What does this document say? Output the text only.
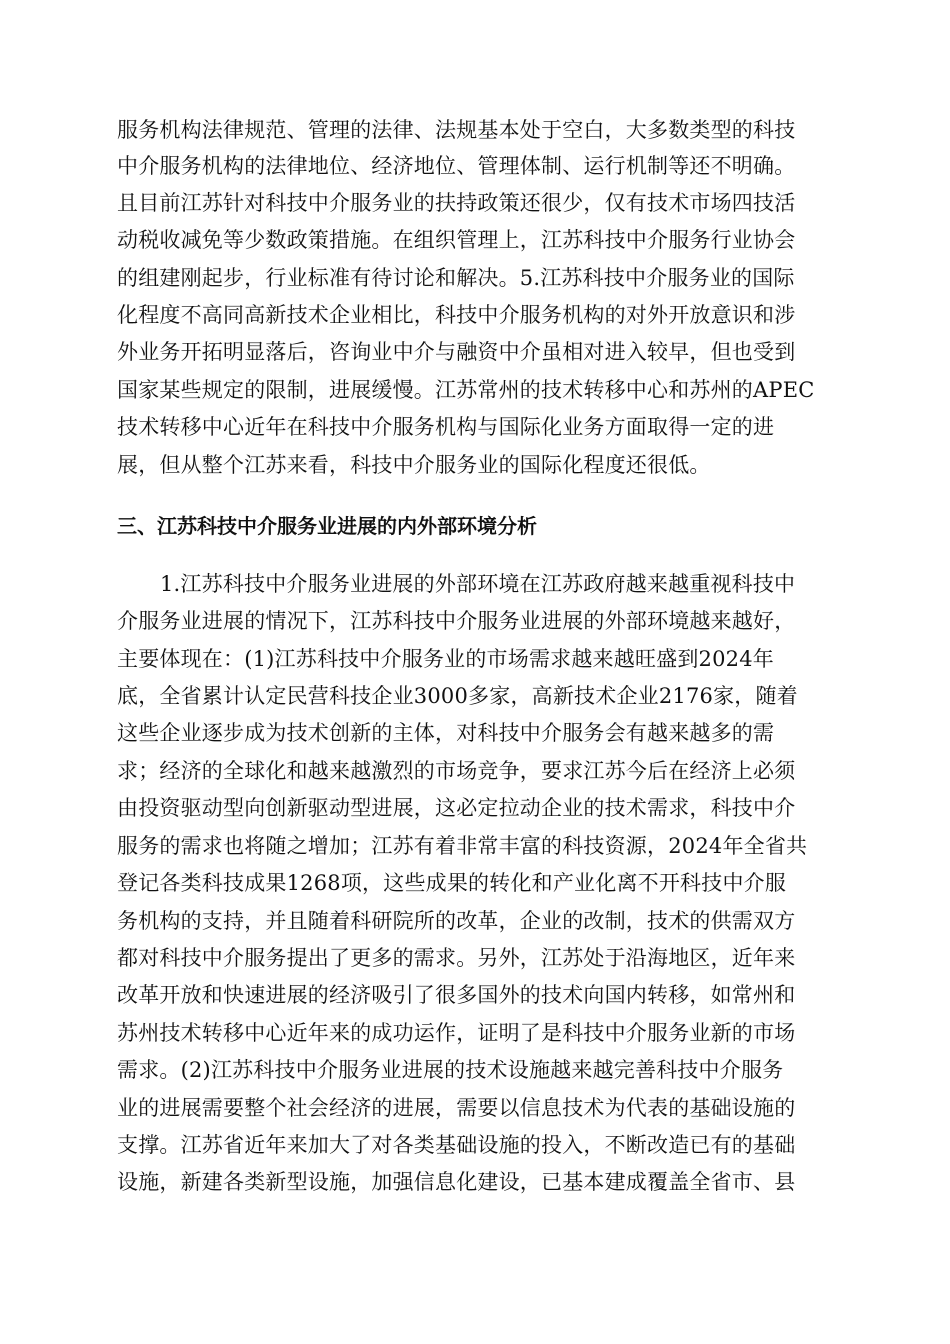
服务机构法律规范、管理的法律、法规基本处于空白，大多数类型的科技
中介服务机构的法律地位、经济地位、管理体制、运行机制等还不明确。
且目前江苏针对科技中介服务业的扶持政策还很少，仅有技术市场四技活
动税收减免等少数政策措施。在组织管理上，江苏科技中介服务行业协会
的组建刚起步，行业标准有待讨论和解决。5.江苏科技中介服务业的国际
化程度不高同高新技术企业相比，科技中介服务机构的对外开放意识和涉
外业务开拓明显落后，咨询业中介与融资中介虽相对进入较早，但也受到
国家某些规定的限制，进展缓慢。江苏常州的技术转移中心和苏州的APEC
技术转移中心近年在科技中介服务机构与国际化业务方面取得一定的进
展，但从整个江苏来看，科技中介服务业的国际化程度还很低。
三、江苏科技中介服务业进展的内外部环境分析
1.江苏科技中介服务业进展的外部环境在江苏政府越来越重视科技中
介服务业进展的情况下，江苏科技中介服务业进展的外部环境越来越好，
主要体现在：(1)江苏科技中介服务业的市场需求越来越旺盛到2024年
底，全省累计认定民营科技企业3000多家，高新技术企业2176家，随着
这些企业逐步成为技术创新的主体，对科技中介服务会有越来越多的需
求；经济的全球化和越来越激烈的市场竞争，要求江苏今后在经济上必须
由投资驱动型向创新驱动型进展，这必定拉动企业的技术需求，科技中介
服务的需求也将随之增加；江苏有着非常丰富的科技资源，2024年全省共
登记各类科技成果1268项，这些成果的转化和产业化离不开科技中介服
务机构的支持，并且随着科研院所的改革，企业的改制，技术的供需双方
都对科技中介服务提出了更多的需求。另外，江苏处于沿海地区，近年来
改革开放和快速进展的经济吸引了很多国外的技术向国内转移，如常州和
苏州技术转移中心近年来的成功运作，证明了是科技中介服务业新的市场
需求。(2)江苏科技中介服务业进展的技术设施越来越完善科技中介服务
业的进展需要整个社会经济的进展，需要以信息技术为代表的基础设施的
支撑。江苏省近年来加大了对各类基础设施的投入，不断改造已有的基础
设施，新建各类新型设施，加强信息化建设，已基本建成覆盖全省市、县
